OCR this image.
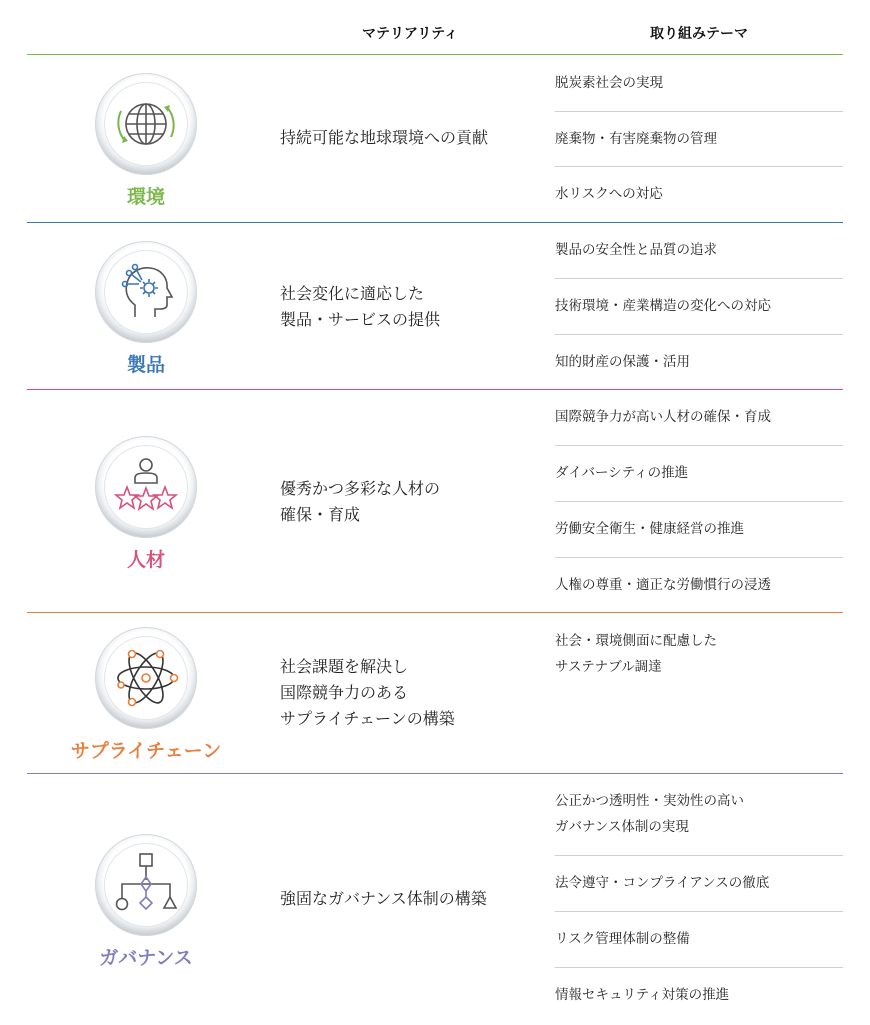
マテリアリティ	取り組みテーマ
環境
持続可能な地球環境への貢献
脱炭素社会の実現
廃棄物・有害廃棄物の管理
水リスクへの対応
製品
社会変化に適応した
製品・サービスの提供
製品の安全性と品質の追求
技術環境・産業構造の変化への対応
知的財産の保護・活用
人材
優秀かつ多彩な人材の
確保・育成
国際競争力が高い人材の確保・育成
ダイバーシティの推進
労働安全衛生・健康経営の推進
人権の尊重・適正な労働慣行の浸透
サプライチェーン
社会課題を解決し
国際競争力のある
サプライチェーンの構築
社会・環境側面に配慮した
サステナブル調達
ガバナンス
強固なガバナンス体制の構築
公正かつ透明性・実効性の高い
ガバナンス体制の実現
法令遵守・コンプライアンスの徹底
リスク管理体制の整備
情報セキュリティ対策の推進
